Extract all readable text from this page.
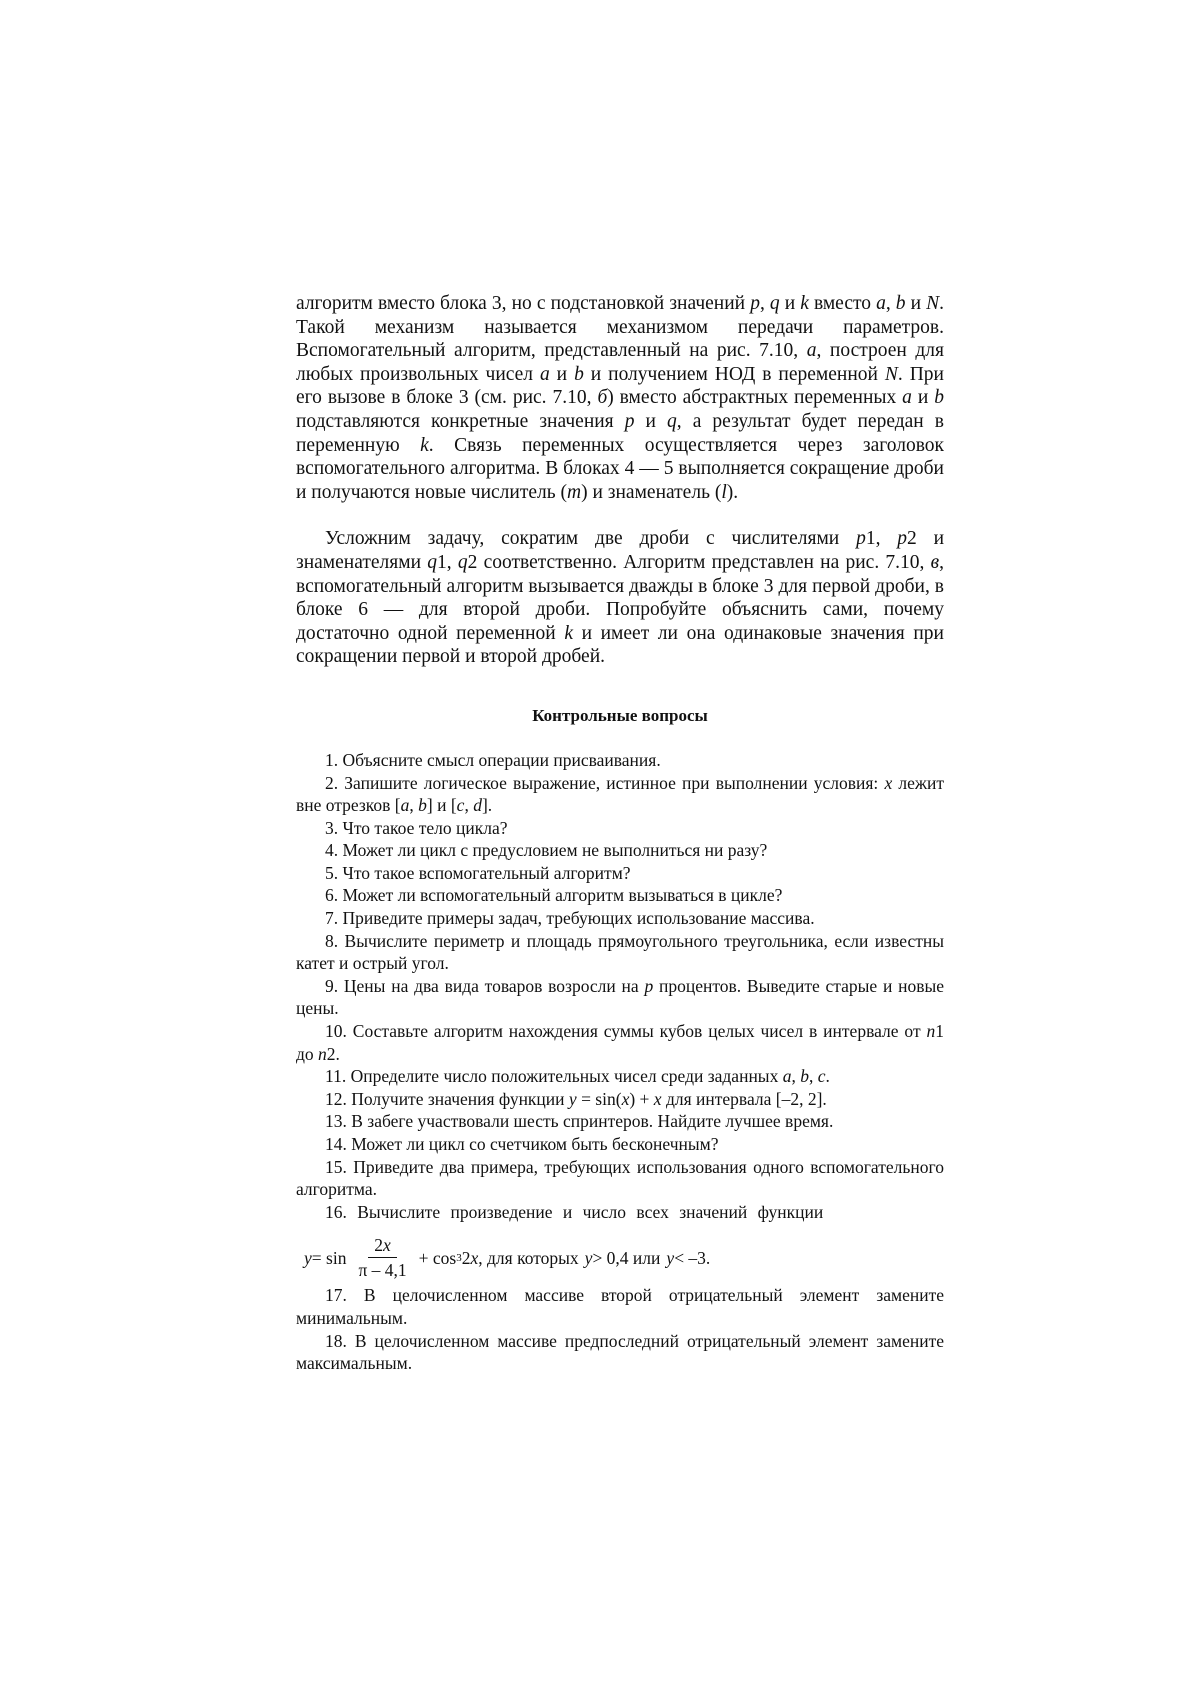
алгоритм вместо блока 3, но с подстановкой значений p, q и k вместо a, b и N. Такой механизм называется механизмом передачи параметров. Вспомогательный алгоритм, представленный на рис. 7.10, а, построен для любых произвольных чисел a и b и получением НОД в переменной N. При его вызове в блоке 3 (см. рис. 7.10, б) вместо абстрактных переменных a и b подставляются конкретные значения p и q, а результат будет передан в переменную k. Связь переменных осуществляется через заголовок вспомогательного алгоритма. В блоках 4 — 5 выполняется сокращение дроби и получаются новые числитель (m) и знаменатель (l).

Усложним задачу, сократим две дроби с числителями p1, p2 и знаменателями q1, q2 соответственно. Алгоритм представлен на рис. 7.10, в, вспомогательный алгоритм вызывается дважды в блоке 3 для первой дроби, в блоке 6 — для второй дроби. Попробуйте объяснить сами, почему достаточно одной переменной k и имеет ли она одинаковые значения при сокращении первой и второй дробей.

Контрольные вопросы

1. Объясните смысл операции присваивания.

2. Запишите логическое выражение, истинное при выполнении условия: x лежит вне отрезков [a, b] и [c, d].

3. Что такое тело цикла?

4. Может ли цикл с предусловием не выполниться ни разу?

5. Что такое вспомогательный алгоритм?

6. Может ли вспомогательный алгоритм вызываться в цикле?

7. Приведите примеры задач, требующих использование массива.

8. Вычислите периметр и площадь прямоугольного треугольника, если известны катет и острый угол.

9. Цены на два вида товаров возросли на p процентов. Выведите старые и новые цены.

10. Составьте алгоритм нахождения суммы кубов целых чисел в интервале от n1 до n2.

11. Определите число положительных чисел среди заданных a, b, c.

12. Получите значения функции y = sin(x) + x для интервала [–2, 2].

13. В забеге участвовали шесть спринтеров. Найдите лучшее время.

14. Может ли цикл со счетчиком быть бесконечным?

15. Приведите два примера, требующих использования одного вспомогательного алгоритма.

16. Вычислите произведение и число всех значений функции

$y = \sin \frac{2x}{\pi - 4,1} + \cos 3$ 2 x , для которых y > 0,4 или y < –3.

17. В целочисленном массиве второй отрицательный элемент замените минимальным.

18. В целочисленном массиве предпоследний отрицательный элемент замените максимальным.
